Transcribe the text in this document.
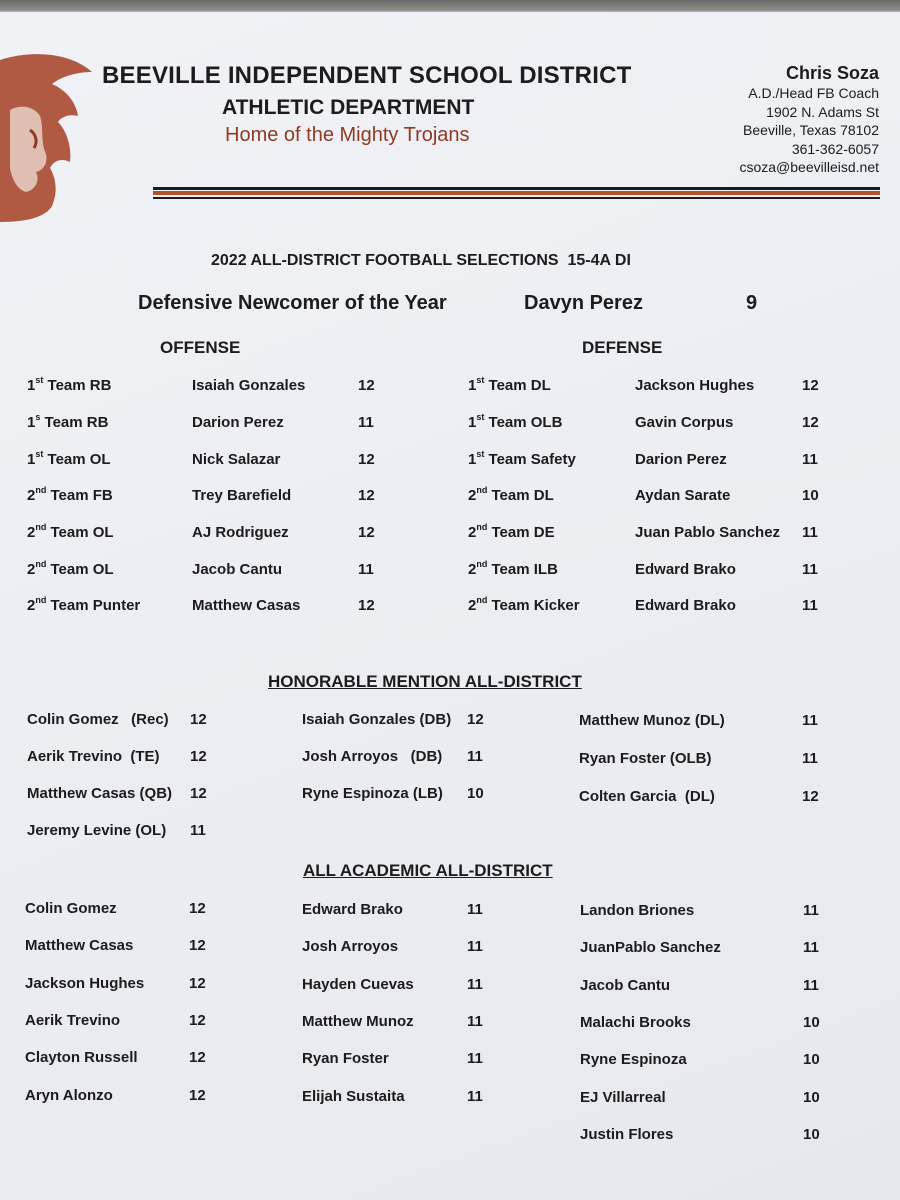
BEEVILLE INDEPENDENT SCHOOL DISTRICT
ATHLETIC DEPARTMENT
Home of the Mighty Trojans
Chris Soza
A.D./Head FB Coach
1902 N. Adams St
Beeville, Texas 78102
361-362-6057
csoza@beevilleisd.net
2022 ALL-DISTRICT FOOTBALL SELECTIONS  15-4A DI
Defensive Newcomer of the Year	Davyn Perez	9
OFFENSE	DEFENSE
HONORABLE MENTION ALL-DISTRICT
ALL ACADEMIC ALL-DISTRICT
1st Team RB	Isaiah Gonzales	12
1$^s$ Team RB	Darion Perez	11
1st Team OL	Nick Salazar	12
2nd Team FB	Trey Barefield	12
2nd Team OL	AJ Rodriguez	12
2nd Team OL	Jacob Cantu	11
2nd Team Punter	Matthew Casas	12
1st Team DL	Jackson Hughes	12
1st Team OLB	Gavin Corpus	12
1st Team Safety	Darion Perez	11
2nd Team DL	Aydan Sarate	10
2nd Team DE	Juan Pablo Sanchez 11
2nd Team ILB	Edward Brako	11
2nd Team Kicker	Edward Brako	11
Colin Gomez   (Rec) 12
Aerik Trevino  (TE) 12
Matthew Casas (QB) 12
Jeremy Levine (OL) 11
Isaiah Gonzales (DB) 12
Josh Arroyos   (DB) 11
Ryne Espinoza (LB) 10
Matthew Munoz (DL)	11
Ryan Foster (OLB)	11
Colten Garcia  (DL)	12
Colin Gomez	12
Matthew Casas	12
Jackson Hughes	12
Aerik Trevino	12
Clayton Russell	12
Aryn Alonzo	12
Edward Brako	11
Josh Arroyos	11
Hayden Cuevas	11
Matthew Munoz	11
Ryan Foster	11
Elijah Sustaita	11
Landon Briones	11
JuanPablo Sanchez	11
Jacob Cantu	11
Malachi Brooks	10
Ryne Espinoza	10
EJ Villarreal	10
Justin Flores	10
